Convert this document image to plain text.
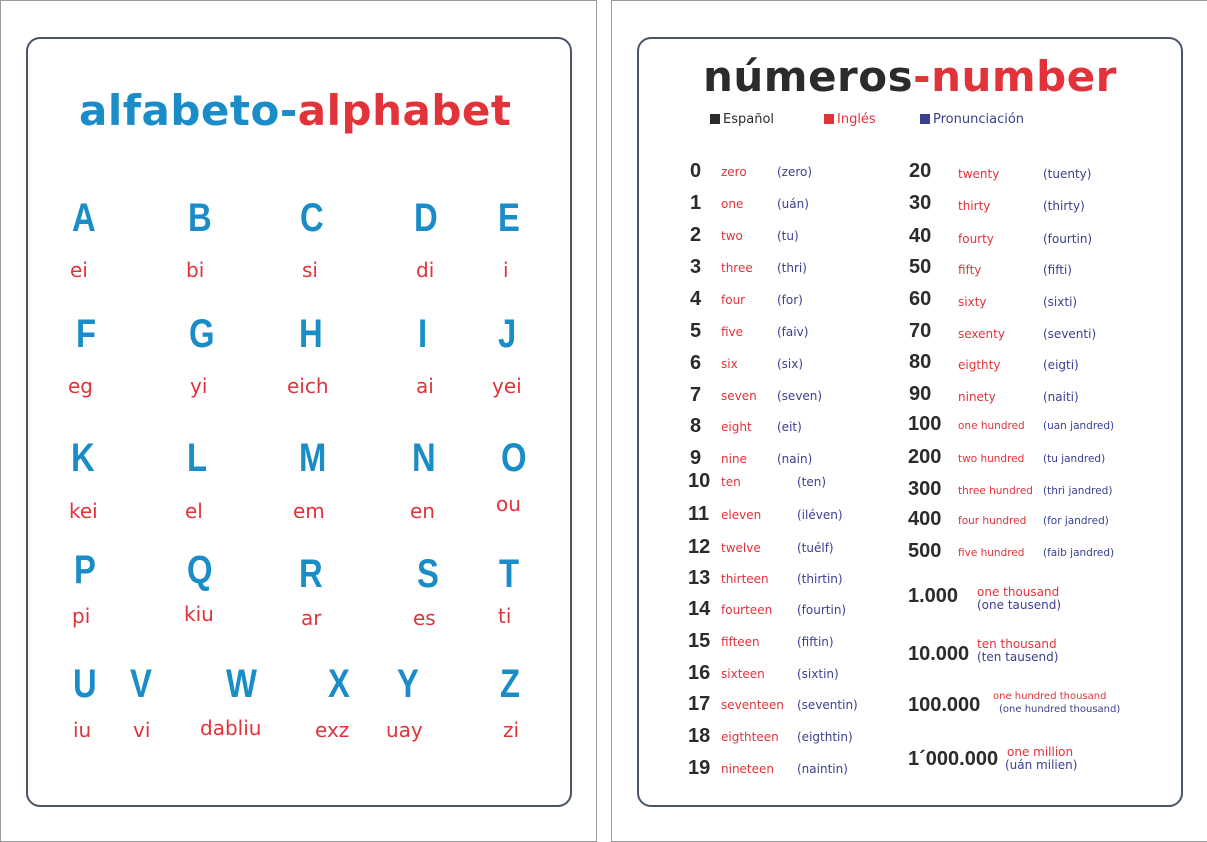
alfabeto-alphabet
A
ei
B
bi
C
si
D
di
E
i
F
eg
G
yi
H
eich
I
ai
J
yei
K
kei
L
el
M
em
N
en
O
ou
P
pi
Q
kiu
R
ar
S
es
T
ti
U
iu
V
vi
W
dabliu
X
exz
Y
uay
Z
zi
números-number
Español	Inglés	Pronunciación
0 zero	(zero)
1 one	(uán)
2 two	(tu)
3 three (thri)
4 four	(for)
5 five	(faiv)
6 six	(six)
7 seven (seven)
8 eight (eit)
9 nine	(nain)
10 ten	(ten)
11 eleven	(iléven)
12 twelve	(tuélf)
13 thirteen (thirtin)
14 fourteen (fourtin)
15 fifteen	(fiftin)
16 sixteen	(sixtin)
17 seventeen (seventin)
18 eigthteen (eigthtin)
19 nineteen (naintin)
20 twenty	(tuenty)
30 thirty	(thirty)
40 fourty	(fourtin)
50 fifty	(fifti)
60 sixty	(sixti)
70 sexenty	(seventi)
80 eigthty	(eigti)
90 ninety	(naiti)
100 one hundred (uan jandred)
200 two hundred (tu jandred)
300 three hundred (thri jandred)
400 four hundred (for jandred)
500 five hundred (faib jandred)
1.000 one thousand
(one tausend)
10.000 ten thousand
(ten tausend)
100.000 one hundred thousand
(one hundred thousand)
1´000.000 one million
(uán milien)
